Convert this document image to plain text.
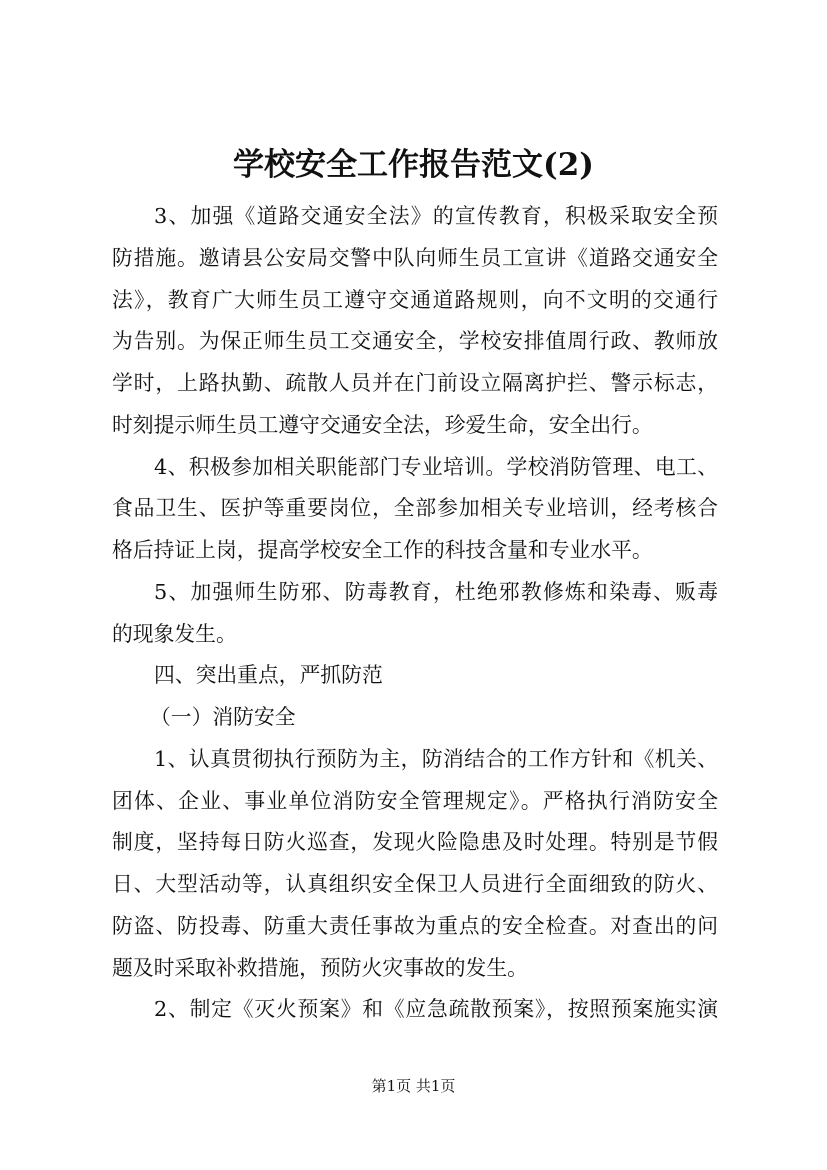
学校安全工作报告范文(2)
3、加强《道路交通安全法》的宣传教育，积极采取安全预
防措施。邀请县公安局交警中队向师生员工宣讲《道路交通安全
法》，教育广大师生员工遵守交通道路规则，向不文明的交通行
为告别。为保正师生员工交通安全，学校安排值周行政、教师放
学时，上路执勤、疏散人员并在门前设立隔离护拦、警示标志，
时刻提示师生员工遵守交通安全法，珍爱生命，安全出行。
4、积极参加相关职能部门专业培训。学校消防管理、电工、
食品卫生、医护等重要岗位，全部参加相关专业培训，经考核合
格后持证上岗，提高学校安全工作的科技含量和专业水平。
5、加强师生防邪、防毒教育，杜绝邪教修炼和染毒、贩毒
的现象发生。
四、突出重点，严抓防范
（一）消防安全
1、认真贯彻执行预防为主，防消结合的工作方针和《机关、
团体、企业、事业单位消防安全管理规定》。严格执行消防安全
制度，坚持每日防火巡查，发现火险隐患及时处理。特别是节假
日、大型活动等，认真组织安全保卫人员进行全面细致的防火、
防盗、防投毒、防重大责任事故为重点的安全检查。对查出的问
题及时采取补救措施，预防火灾事故的发生。
2、制定《灭火预案》和《应急疏散预案》，按照预案施实演
第1页 共1页
